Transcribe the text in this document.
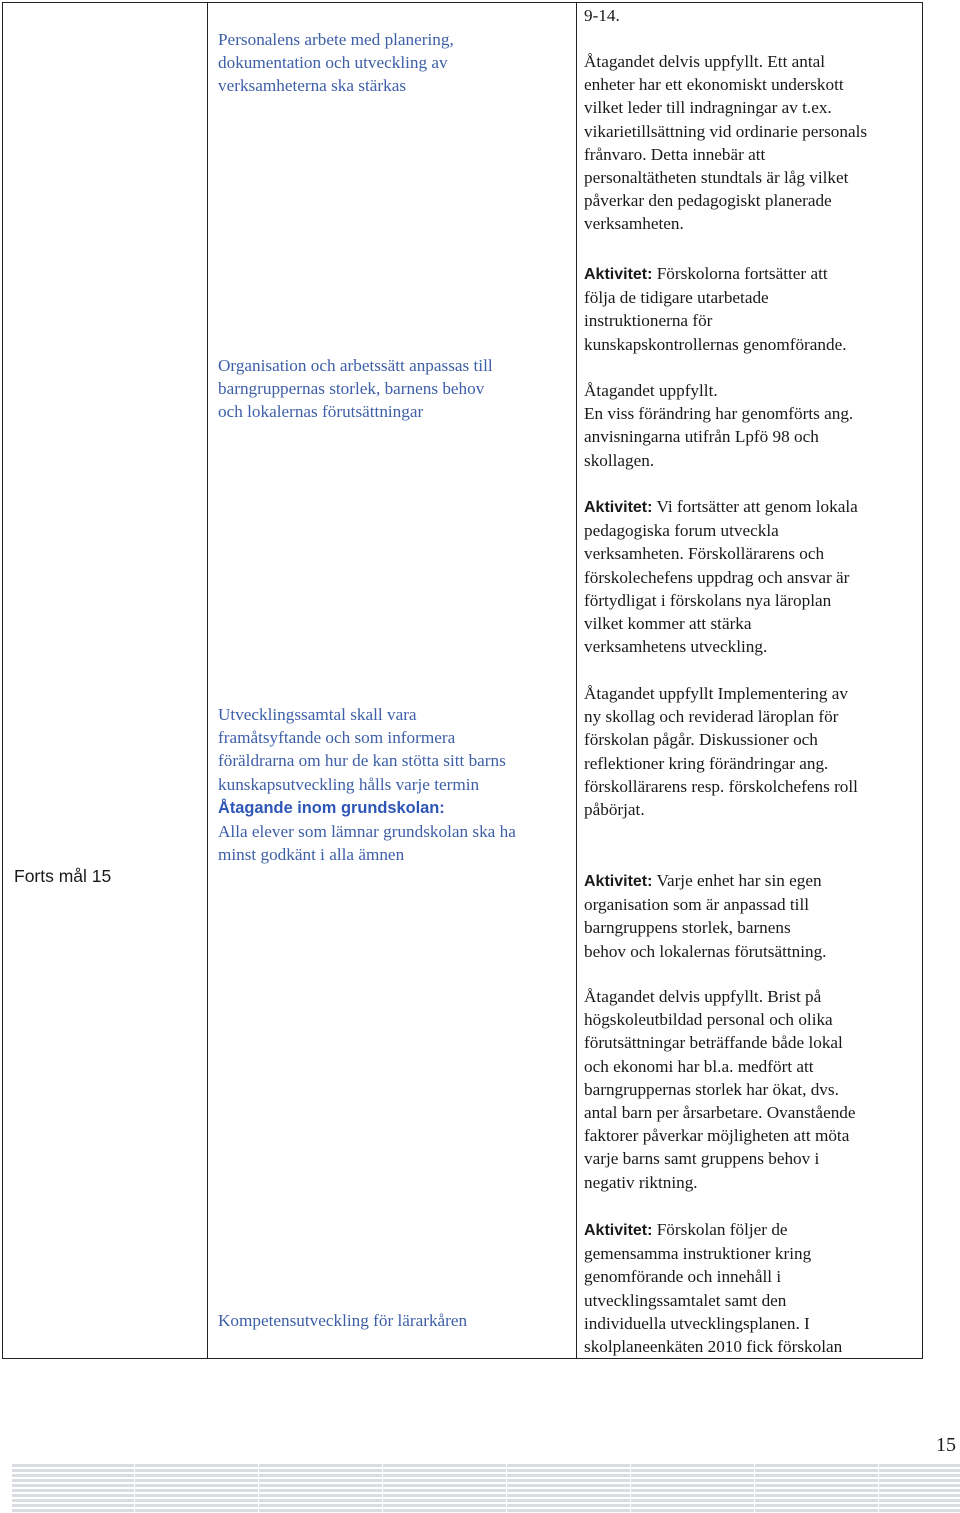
Forts mål 15
Personalens arbete med planering,
dokumentation och utveckling av
verksamheterna ska stärkas
Organisation och arbetssätt anpassas till
barngruppernas storlek, barnens behov
och lokalernas förutsättningar
Utvecklingssamtal skall vara
framåtsyftande och som informera
föräldrarna om hur de kan stötta sitt barns
kunskapsutveckling hålls varje termin
Åtagande inom grundskolan:
Alla elever som lämnar grundskolan ska ha
minst godkänt i alla ämnen
Kompetensutveckling för lärarkåren
9-14.
Åtagandet delvis uppfyllt. Ett antal
enheter har ett ekonomiskt underskott
vilket leder till indragningar av t.ex.
vikarietillsättning vid ordinarie personals
frånvaro. Detta innebär att
personaltätheten stundtals är låg vilket
påverkar den pedagogiskt planerade
verksamheten.
Aktivitet: Förskolorna fortsätter att
följa de tidigare utarbetade
instruktionerna för
kunskapskontrollernas genomförande.
Åtagandet uppfyllt.
En viss förändring har genomförts ang.
anvisningarna utifrån Lpfö 98 och
skollagen.
Aktivitet: Vi fortsätter att genom lokala
pedagogiska forum utveckla
verksamheten. Förskollärarens och
förskolechefens uppdrag och ansvar är
förtydligat i förskolans nya läroplan
vilket kommer att stärka
verksamhetens utveckling.
Åtagandet uppfyllt Implementering av
ny skollag och reviderad läroplan för
förskolan pågår. Diskussioner och
reflektioner kring förändringar ang.
förskollärarens resp. förskolchefens roll
påbörjat.
Aktivitet: Varje enhet har sin egen
organisation som är anpassad till
barngruppens storlek, barnens
behov och lokalernas förutsättning.
Åtagandet delvis uppfyllt. Brist på
högskoleutbildad personal och olika
förutsättningar beträffande både lokal
och ekonomi har bl.a. medfört att
barngruppernas storlek har ökat, dvs.
antal barn per årsarbetare. Ovanstående
faktorer påverkar möjligheten att möta
varje barns samt gruppens behov i
negativ riktning.
Aktivitet: Förskolan följer de
gemensamma instruktioner kring
genomförande och innehåll i
utvecklingssamtalet samt den
individuella utvecklingsplanen. I
skolplaneenkäten 2010 fick förskolan
15
